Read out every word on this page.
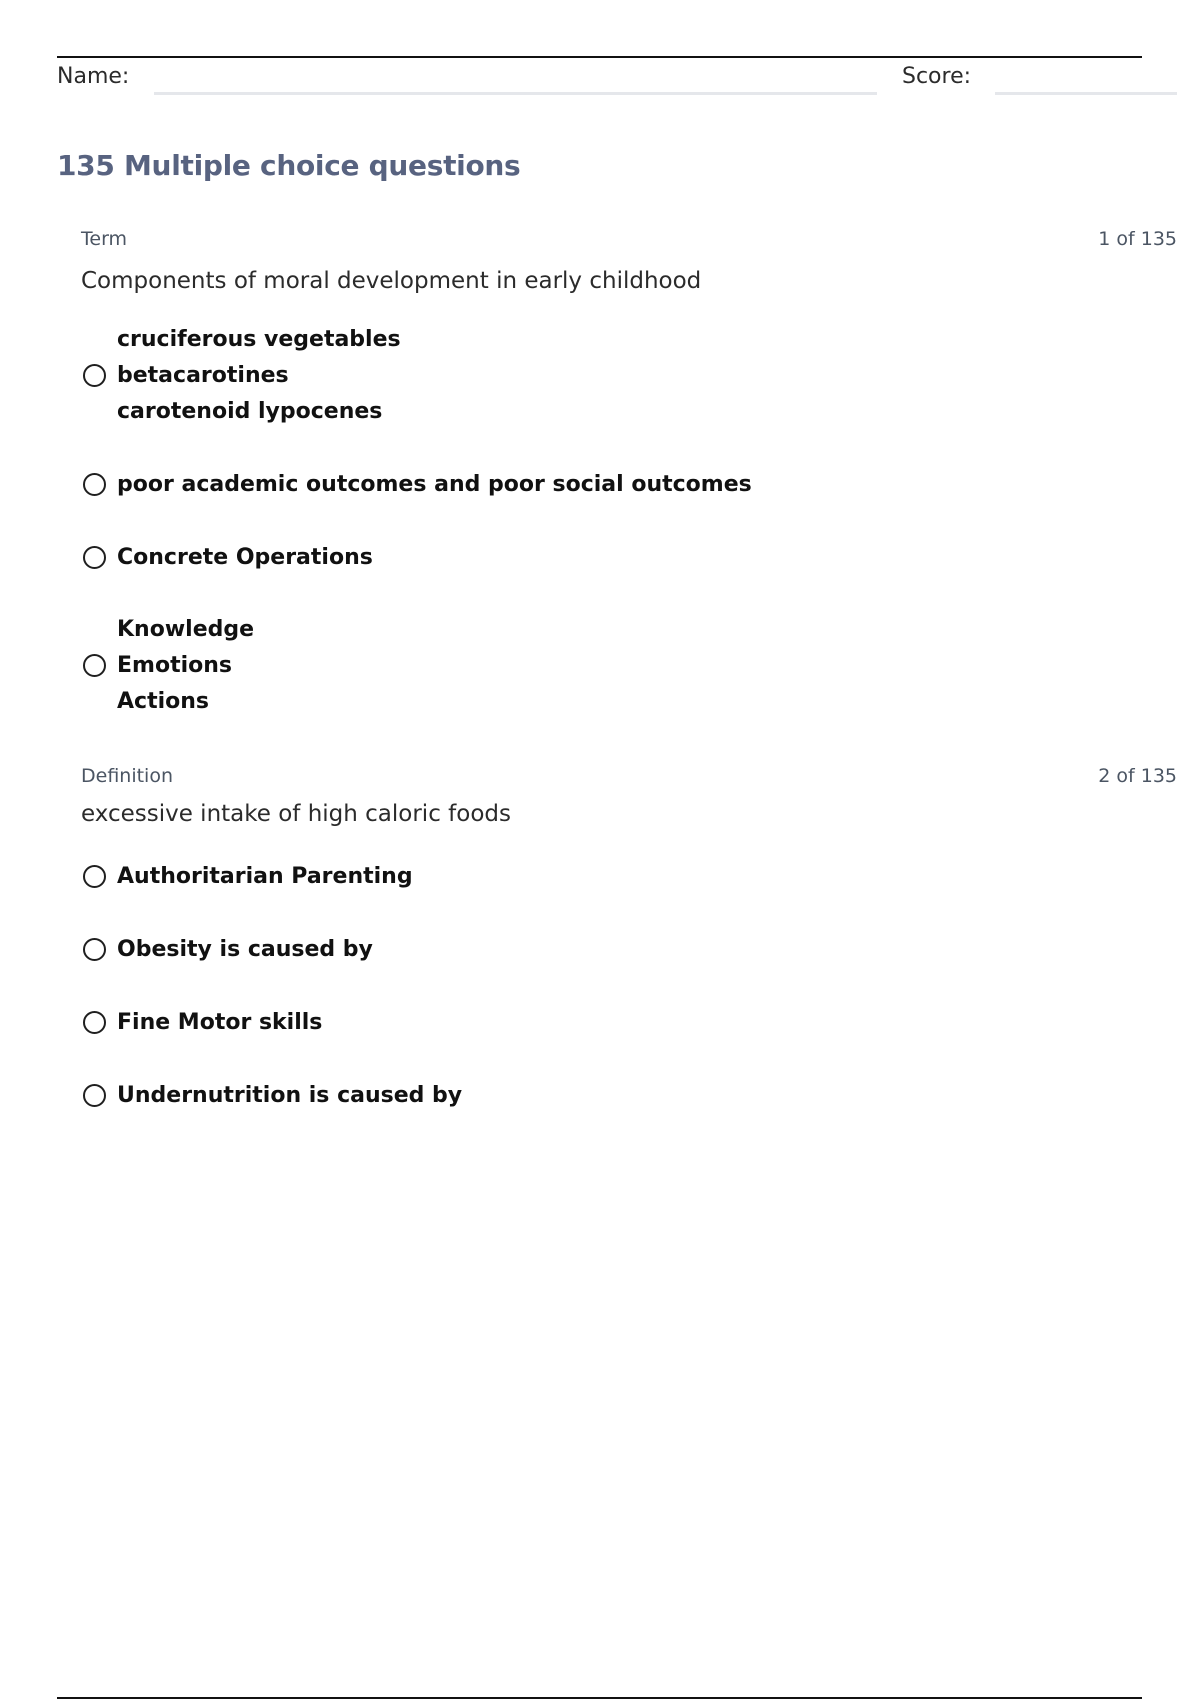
Name:	Score:
135 Multiple choice questions
Term	1 of 135
Components of moral development in early childhood
cruciferous vegetables
betacarotines
carotenoid lypocenes
poor academic outcomes and poor social outcomes
Concrete Operations
Knowledge
Emotions
Actions
Definition	2 of 135
excessive intake of high caloric foods
Authoritarian Parenting
Obesity is caused by
Fine Motor skills
Undernutrition is caused by
